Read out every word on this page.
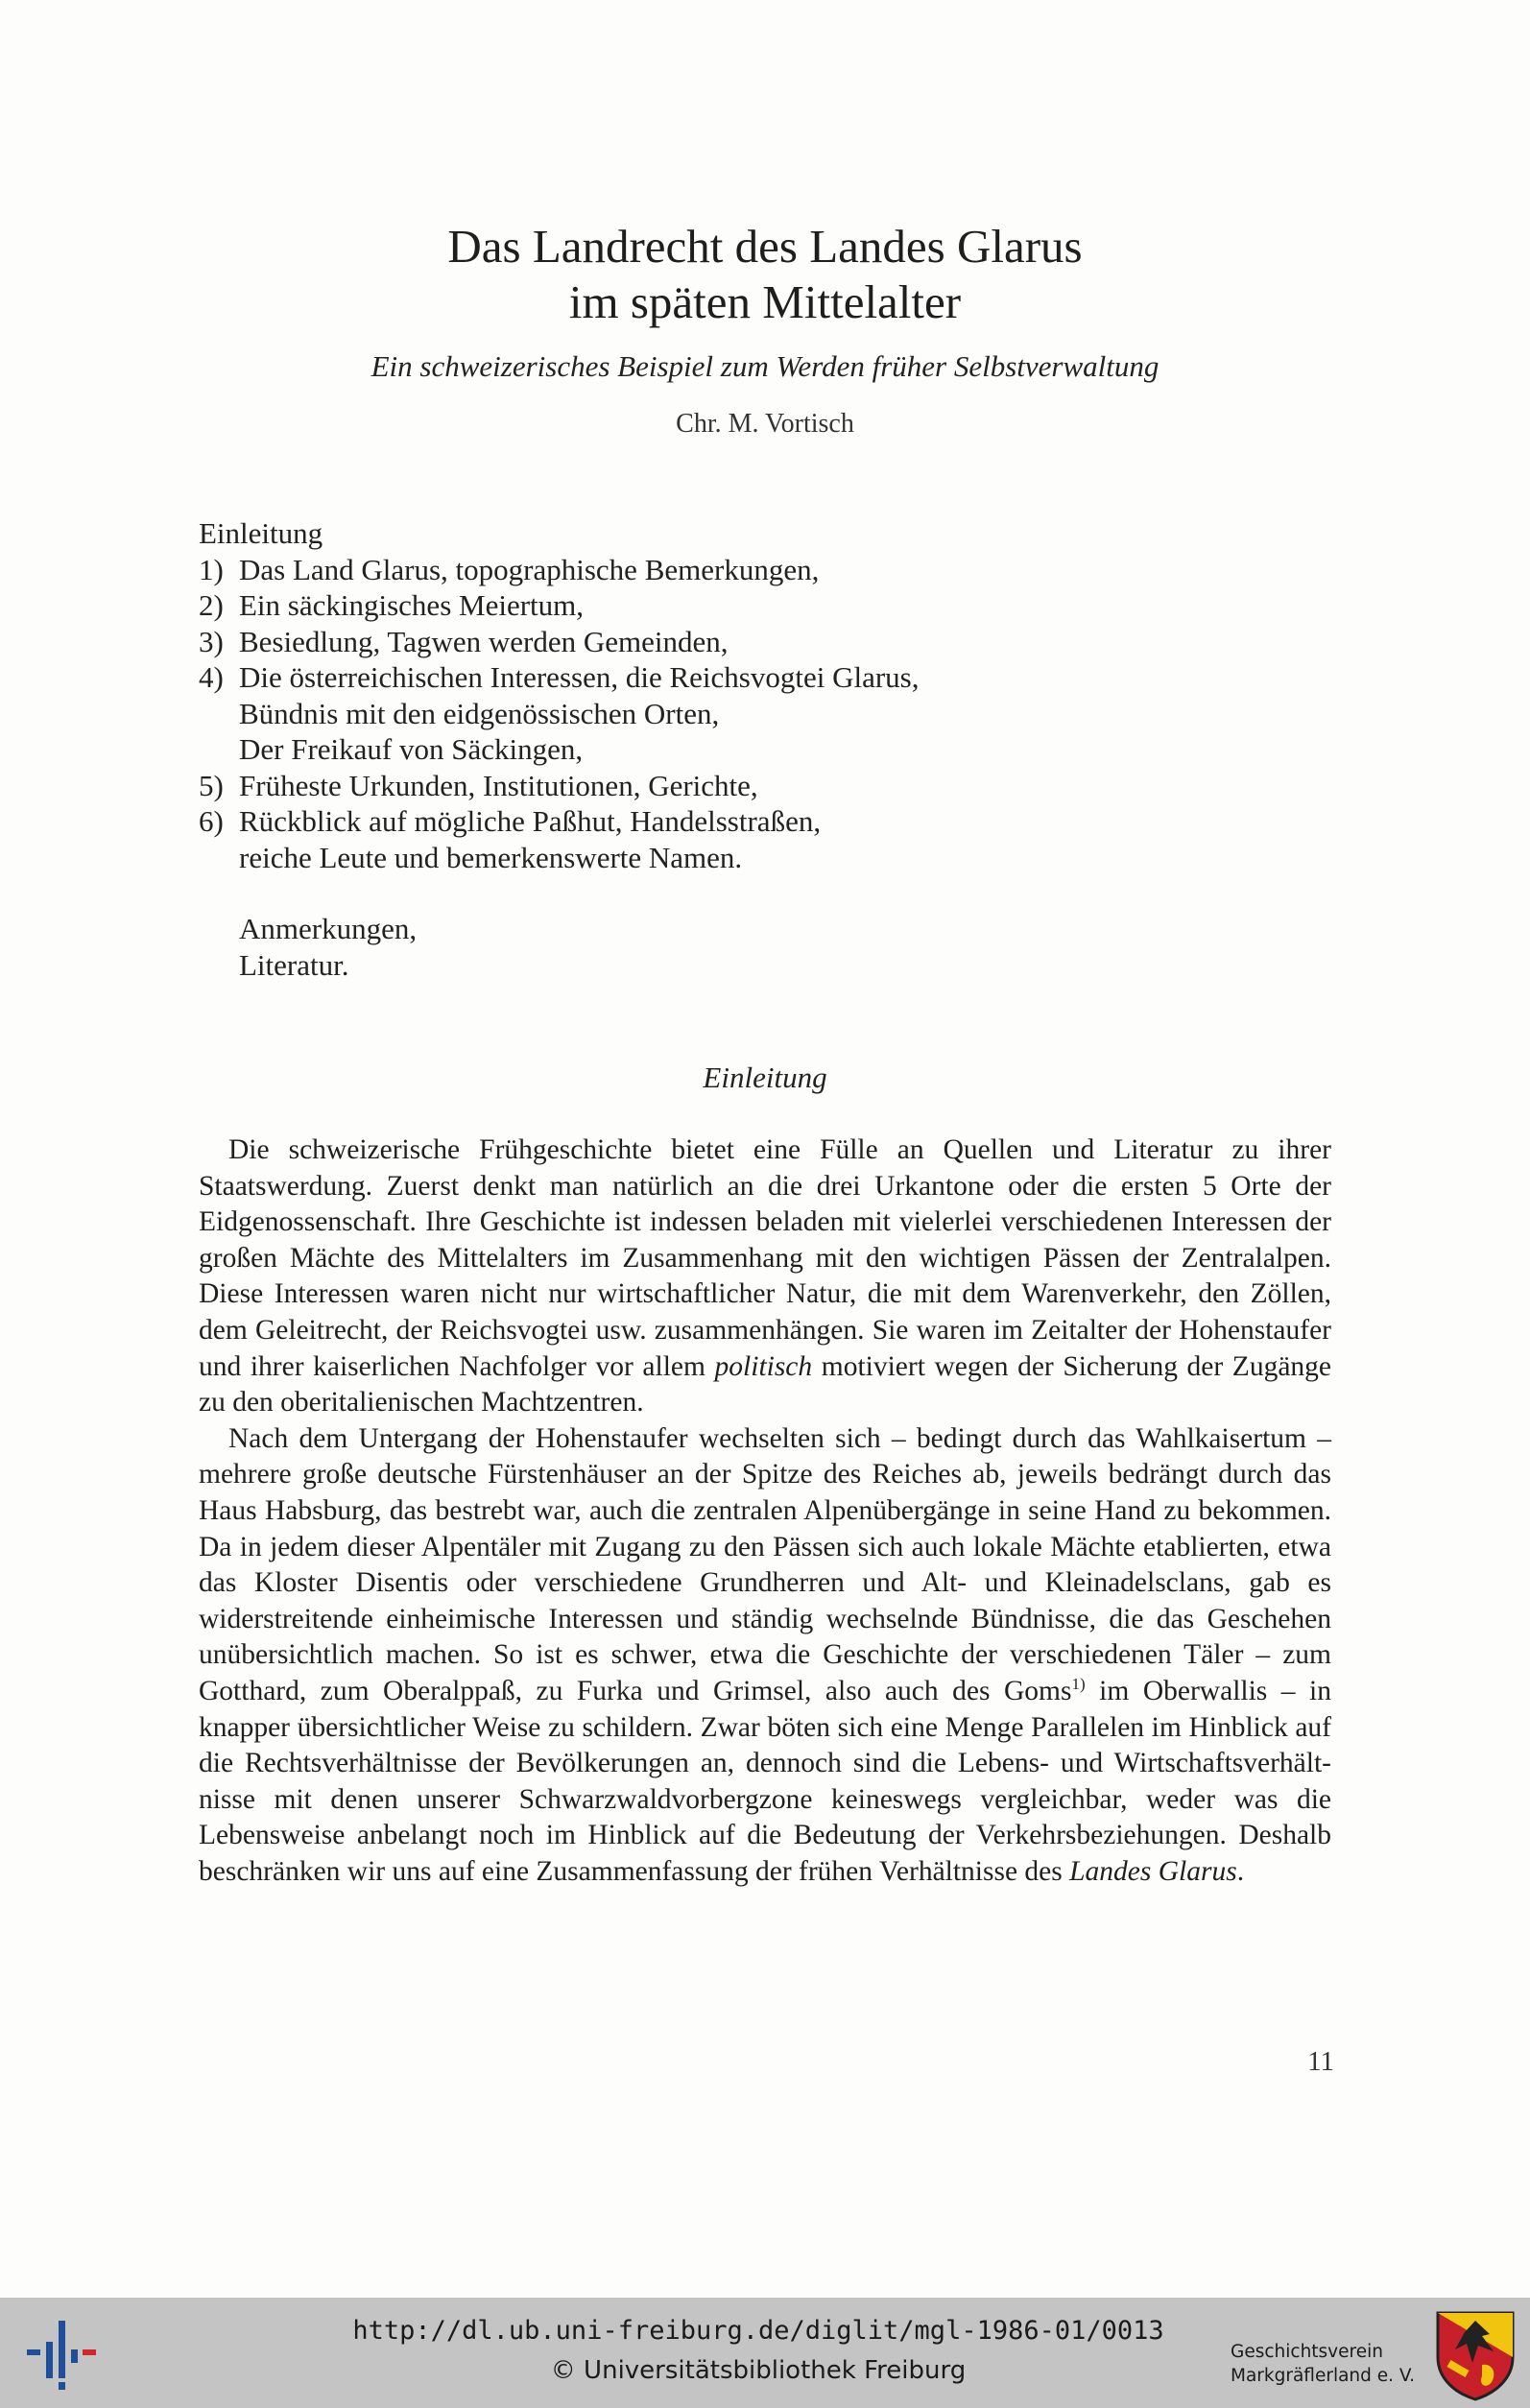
Das Landrecht des Landes Glarus
im späten Mittelalter
Ein schweizerisches Beispiel zum Werden früher Selbstverwaltung
Chr. M. Vortisch
Einleitung
1) Das Land Glarus, topographische Bemerkungen,
2) Ein säckingisches Meiertum,
3) Besiedlung, Tagwen werden Gemeinden,
4) Die österreichischen Interessen, die Reichsvogtei Glarus,
Bündnis mit den eidgenössischen Orten,
Der Freikauf von Säckingen,
5) Früheste Urkunden, Institutionen, Gerichte,
6) Rückblick auf mögliche Paßhut, Handelsstraßen,
reiche Leute und bemerkenswerte Namen.
Anmerkungen,
Literatur.
Einleitung

Die schweizerische Frühgeschichte bietet eine Fülle an Quellen und Literatur zu ihrer Staatswerdung. Zuerst denkt man natürlich an die drei Urkantone oder die ersten 5 Orte der Eidgenossenschaft. Ihre Geschichte ist indessen beladen mit vielerlei verschiedenen Interessen der großen Mächte des Mittelalters im Zusammenhang mit den wichtigen Pässen der Zentralalpen. Diese Interessen waren nicht nur wirtschaftlicher Natur, die mit dem Warenverkehr, den Zöllen, dem Geleitrecht, der Reichsvogtei usw. zusammenhängen. Sie waren im Zeitalter der Hohenstaufer und ihrer kaiserlichen Nachfolger vor allem politisch motiviert wegen der Sicherung der Zugänge zu den oberitalienischen Machtzentren.

Nach dem Untergang der Hohenstaufer wechselten sich – bedingt durch das Wahlkaisertum – mehrere große deutsche Fürstenhäuser an der Spitze des Reiches ab, jeweils bedrängt durch das Haus Habsburg, das bestrebt war, auch die zentralen Alpenübergänge in seine Hand zu bekommen. Da in jedem dieser Alpentäler mit Zugang zu den Pässen sich auch lokale Mächte etablierten, etwa das Kloster Disentis oder verschiedene Grundherren und Alt- und Kleinadelsclans, gab es widerstreitende einheimische Interessen und ständig wechselnde Bündnisse, die das Geschehen unübersichtlich machen. So ist es schwer, etwa die Geschichte der verschiedenen Täler – zum Gotthard, zum Oberalppaß, zu Furka und Grimsel, also auch des Goms$^{1)}$ im Oberwallis – in knapper übersichtlicher Weise zu schildern. Zwar böten sich eine Menge Parallelen im Hinblick auf die Rechtsverhältnisse der Bevölkerungen an, dennoch sind die Lebens- und Wirtschaftsverhältnisse mit denen unserer Schwarzwaldvorbergzone keineswegs vergleichbar, weder was die Lebensweise anbelangt noch im Hinblick auf die Bedeutung der Verkehrsbeziehungen. Deshalb beschränken wir uns auf eine Zusammenfassung der frühen Verhältnisse des Landes Glarus.

11
http://dl.ub.uni-freiburg.de/diglit/mgl-1986-01/0013
© Universitätsbibliothek Freiburg
Geschichtsverein
Markgräflerland e. V.
